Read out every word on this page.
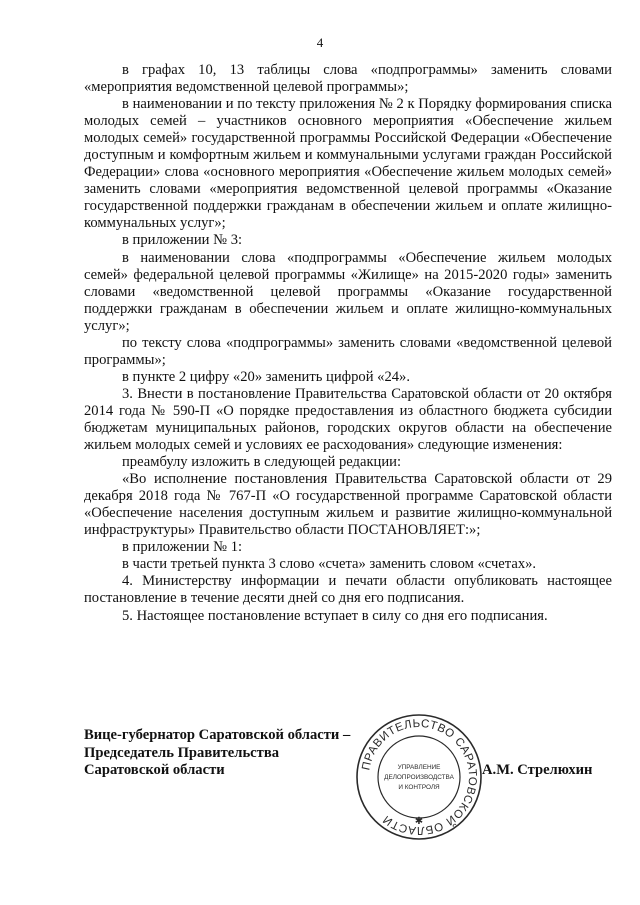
4

в графах 10, 13 таблицы слова «подпрограммы» заменить словами «мероприятия ведомственной целевой программы»;

в наименовании и по тексту приложения № 2 к Порядку формирования списка молодых семей – участников основного мероприятия «Обеспечение жильем молодых семей» государственной программы Российской Федерации «Обеспечение доступным и комфортным жильем и коммунальными услугами граждан Российской Федерации» слова «основного мероприятия «Обеспечение жильем молодых семей» заменить словами «мероприятия ведомственной целевой программы «Оказание государственной поддержки гражданам в обеспечении жильем и оплате жилищно-коммунальных услуг»;

в приложении № 3:

в наименовании слова «подпрограммы «Обеспечение жильем молодых семей» федеральной целевой программы «Жилище» на 2015-2020 годы» заменить словами «ведомственной целевой программы «Оказание государственной поддержки гражданам в обеспечении жильем и оплате жилищно-коммунальных услуг»;

по тексту слова «подпрограммы» заменить словами «ведомственной целевой программы»;

в пункте 2 цифру «20» заменить цифрой «24».

3. Внести в постановление Правительства Саратовской области от 20 октября 2014 года № 590-П «О порядке предоставления из областного бюджета субсидии бюджетам муниципальных районов, городских округов области на обеспечение жильем молодых семей и условиях ее расходования» следующие изменения:

преамбулу изложить в следующей редакции:

«Во исполнение постановления Правительства Саратовской области от 29 декабря 2018 года № 767-П «О государственной программе Саратовской области «Обеспечение населения доступным жильем и развитие жилищно-коммунальной инфраструктуры» Правительство области ПОСТАНОВЛЯЕТ:»;

в приложении № 1:

в части третьей пункта 3 слово «счета» заменить словом «счетах».

4. Министерству информации и печати области опубликовать настоящее постановление в течение десяти дней со дня его подписания.

5. Настоящее постановление вступает в силу со дня его подписания.

Вице-губернатор Саратовской области –
Председатель Правительства
Саратовской области	ПРАВИТЕЛЬСТВО САРАТОВСКОЙ ОБЛАСТИ	✱
УПРАВЛЕНИЕ
ДЕЛОПРОИЗВОДСТВА
И КОНТРОЛЯ
А.М. Стрелюхин
